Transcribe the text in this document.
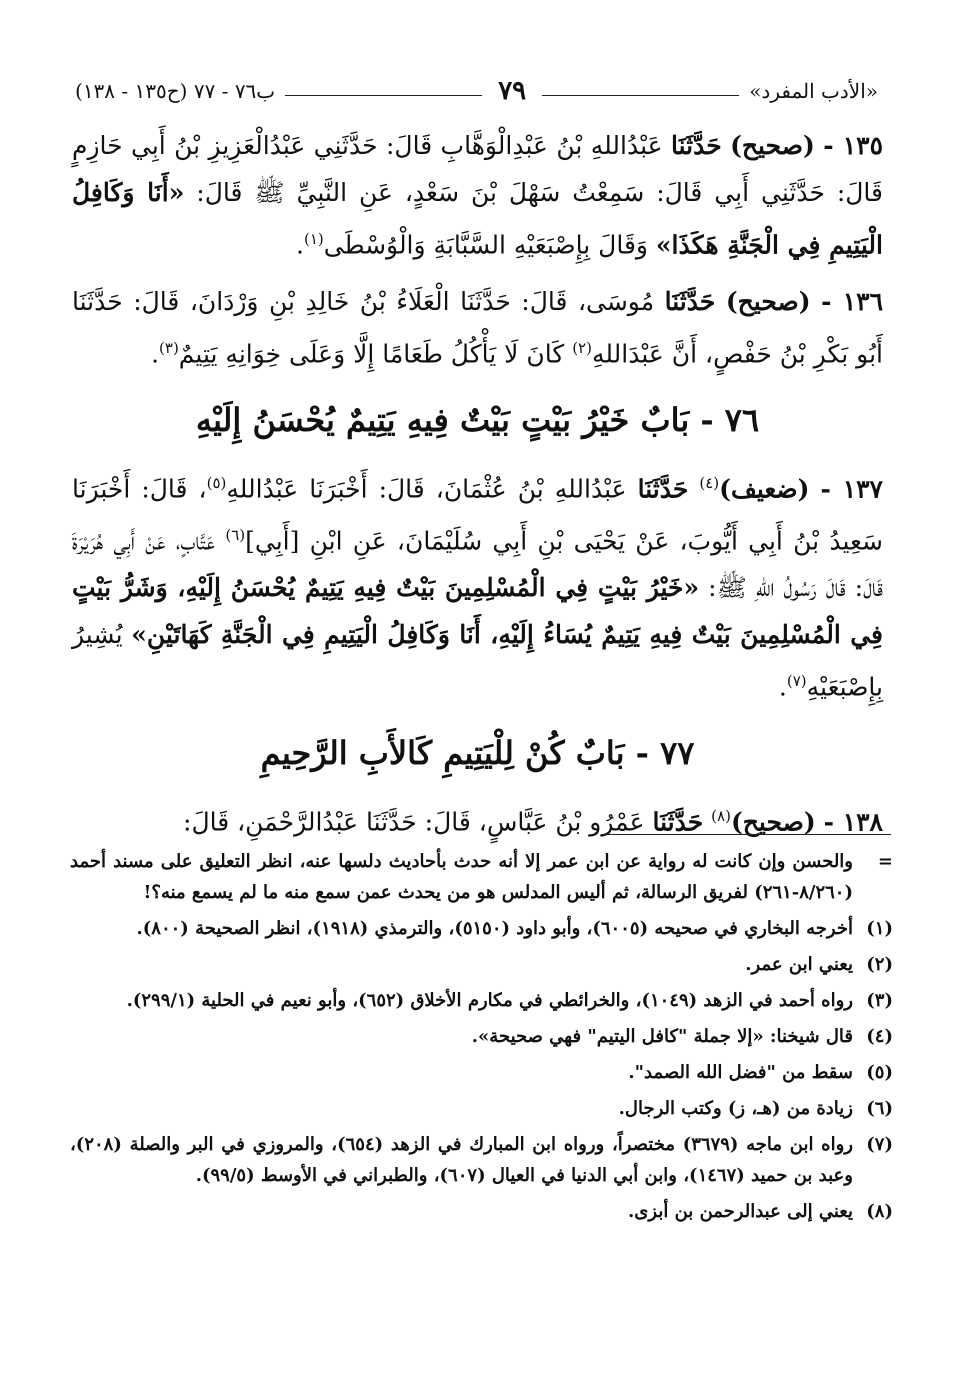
«الأدب المفرد»
٧٩
ب٧٦ - ٧٧ (ح١٣٥ - ١٣٨)

١٣٥ - (صحيح) حَدَّثَنَا عَبْدُاللهِ بْنُ عَبْدِالْوَهَّابِ قَالَ: حَدَّثَنِي عَبْدُالْعَزِيزِ بْنُ أَبِي حَازِمٍ قَالَ: حَدَّثَنِي أَبِي قَالَ: سَمِعْتُ سَهْلَ بْنَ سَعْدٍ، عَنِ النَّبِيِّ ﷺ قَالَ: «أَنَا وَكَافِلُ الْيَتِيمِ فِي الْجَنَّةِ هَكَذَا» وَقَالَ بِإِصْبَعَيْهِ السَّبَّابَةِ وَالْوُسْطَى$^{(١)}$.

١٣٦ - (صحيح) حَدَّثَنَا مُوسَى، قَالَ: حَدَّثَنَا الْعَلَاءُ بْنُ خَالِدِ بْنِ وَرْدَانَ، قَالَ: حَدَّثَنَا أَبُو بَكْرِ بْنُ حَفْصٍ، أَنَّ عَبْدَاللهِ$^{(٢)}$ كَانَ لَا يَأْكُلُ طَعَامًا إِلَّا وَعَلَى خِوَانِهِ يَتِيمٌ$^{(٣)}$.

٧٦ - بَابٌ خَيْرُ بَيْتٍ بَيْتٌ فِيهِ يَتِيمٌ يُحْسَنُ إِلَيْهِ

١٣٧ - (ضعيف)$^{(٤)}$ حَدَّثَنَا عَبْدُاللهِ بْنُ عُثْمَانَ، قَالَ: أَخْبَرَنَا عَبْدُاللهِ$^{(٥)}$، قَالَ: أَخْبَرَنَا سَعِيدُ بْنُ أَبِي أَيُّوبَ، عَنْ يَحْيَى بْنِ أَبِي سُلَيْمَانَ، عَنِ ابْنِ [أَبِي]$^{(٦)}$ عَتَّابٍ، عَنْ أَبِي هُرَيْرَةَ قَالَ: قَالَ رَسُولُ اللهِ ﷺ: «خَيْرُ بَيْتٍ فِي الْمُسْلِمِينَ بَيْتٌ فِيهِ يَتِيمٌ يُحْسَنُ إِلَيْهِ، وَشَرُّ بَيْتٍ فِي الْمُسْلِمِينَ بَيْتٌ فِيهِ يَتِيمٌ يُسَاءُ إِلَيْهِ، أَنَا وَكَافِلُ الْيَتِيمِ فِي الْجَنَّةِ كَهَاتَيْنِ» يُشِيرُ بِإِصْبَعَيْهِ$^{(٧)}$.

٧٧ - بَابٌ كُنْ لِلْيَتِيمِ كَالأَبِ الرَّحِيمِ

١٣٨ - (صحيح)$^{(٨)}$ حَدَّثَنَا عَمْرُو بْنُ عَبَّاسٍ، قَالَ: حَدَّثَنَا عَبْدُالرَّحْمَنِ، قَالَ:

=
والحسن وإن كانت له رواية عن ابن عمر إلا أنه حدث بأحاديث دلسها عنه، انظر التعليق على مسند أحمد (٨/٢٦٠-٢٦١) لفريق الرسالة، ثم أليس المدلس هو من يحدث عمن سمع منه ما لم يسمع منه؟!
(١)
أخرجه البخاري في صحيحه (٦٠٠٥)، وأبو داود (٥١٥٠)، والترمذي (١٩١٨)، انظر الصحيحة (٨٠٠).
(٢)
يعني ابن عمر.
(٣)
رواه أحمد في الزهد (١٠٤٩)، والخرائطي في مكارم الأخلاق (٦٥٢)، وأبو نعيم في الحلية (٢٩٩/١).
(٤)
قال شيخنا: «إلا جملة "كافل اليتيم" فهي صحيحة».
(٥)
سقط من "فضل الله الصمد".
(٦)
زيادة من (هـ، ز) وكتب الرجال.
(٧)
رواه ابن ماجه (٣٦٧٩) مختصراً، ورواه ابن المبارك في الزهد (٦٥٤)، والمروزي في البر والصلة (٢٠٨)، وعبد بن حميد (١٤٦٧)، وابن أبي الدنيا في العيال (٦٠٧)، والطبراني في الأوسط (٩٩/٥).
(٨)
يعني إلى عبدالرحمن بن أبزى.
